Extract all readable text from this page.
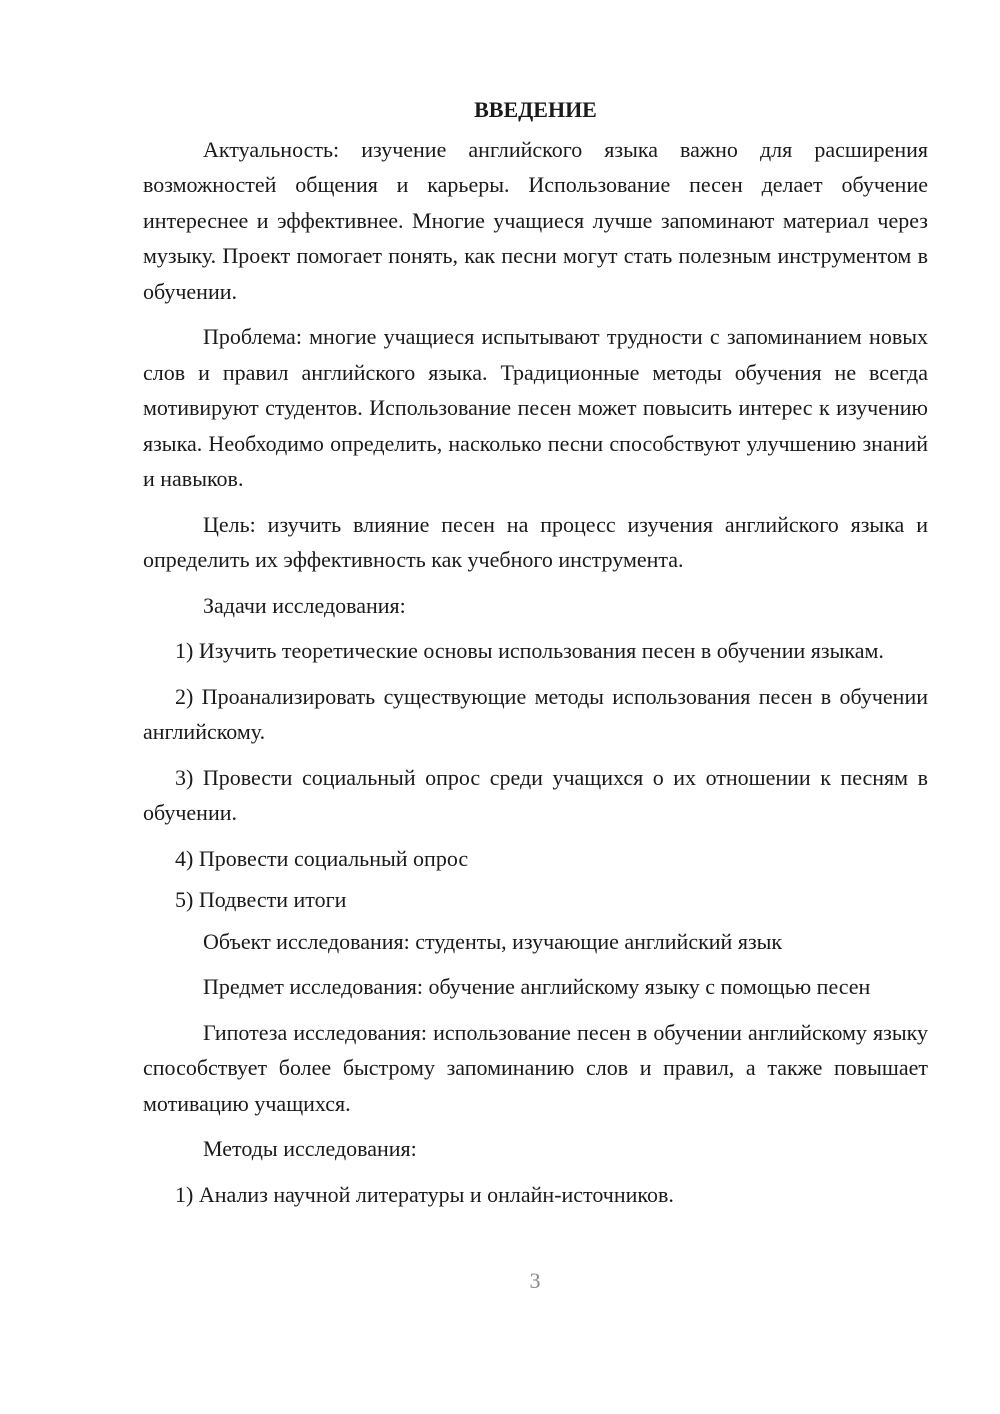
ВВЕДЕНИЕ

Актуальность: изучение английского языка важно для расширения возможностей общения и карьеры. Использование песен делает обучение интереснее и эффективнее. Многие учащиеся лучше запоминают материал через музыку. Проект помогает понять, как песни могут стать полезным инструментом в обучении.

Проблема: многие учащиеся испытывают трудности с запоминанием новых слов и правил английского языка. Традиционные методы обучения не всегда мотивируют студентов. Использование песен может повысить интерес к изучению языка. Необходимо определить, насколько песни способствуют улучшению знаний и навыков.

Цель: изучить влияние песен на процесс изучения английского языка и определить их эффективность как учебного инструмента.

Задачи исследования:

1) Изучить теоретические основы использования песен в обучении языкам.

2) Проанализировать существующие методы использования песен в обучении английскому.

3) Провести социальный опрос среди учащихся о их отношении к песням в обучении.

4) Провести социальный опрос

5) Подвести итоги

Объект исследования: студенты, изучающие английский язык

Предмет исследования: обучение английскому языку с помощью песен

Гипотеза исследования: использование песен в обучении английскому языку способствует более быстрому запоминанию слов и правил, а также повышает мотивацию учащихся.

Методы исследования:

1) Анализ научной литературы и онлайн-источников.

3
